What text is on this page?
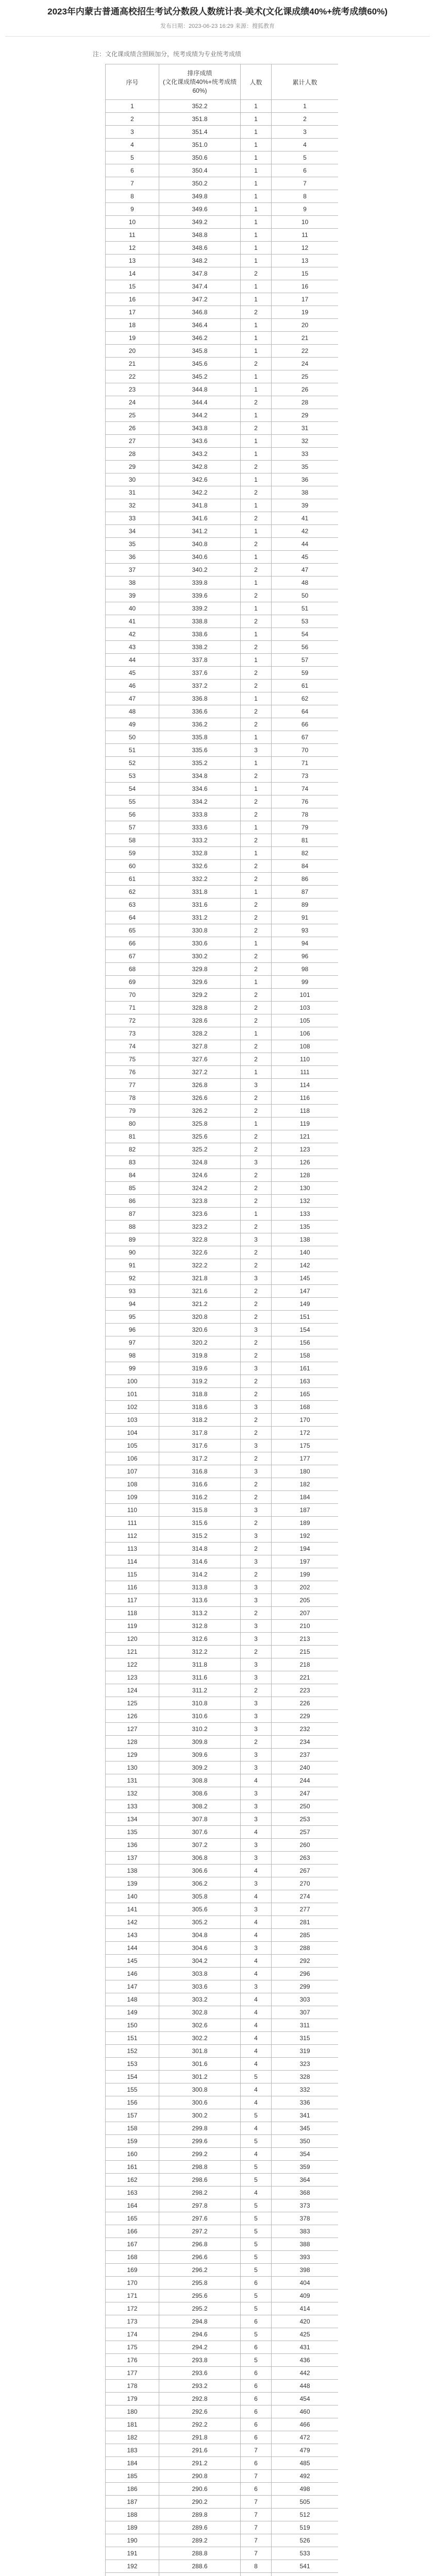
2023年内蒙古普通高校招生考试分数段人数统计表-美术(文化课成绩40%+统考成绩60%)
发布日期：2023-06-23 16:29 来源：搜狐教育
注：文化课成绩含照顾加分，统考成绩为专业统考成绩
序号	排序成绩
(文化课成绩40%+统考成绩60%)	人数	累计人数
1	352.2	1	1
2	351.8	1	2
3	351.4	1	3
4	351.0	1	4
5	350.6	1	5
6	350.4	1	6
7	350.2	1	7
8	349.8	1	8
9	349.6	1	9
10	349.2	1	10
11	348.8	1	11
12	348.6	1	12
13	348.2	1	13
14	347.8	2	15
15	347.4	1	16
16	347.2	1	17
17	346.8	2	19
18	346.4	1	20
19	346.2	1	21
20	345.8	1	22
21	345.6	2	24
22	345.2	1	25
23	344.8	1	26
24	344.4	2	28
25	344.2	1	29
26	343.8	2	31
27	343.6	1	32
28	343.2	1	33
29	342.8	2	35
30	342.6	1	36
31	342.2	2	38
32	341.8	1	39
33	341.6	2	41
34	341.2	1	42
35	340.8	2	44
36	340.6	1	45
37	340.2	2	47
38	339.8	1	48
39	339.6	2	50
40	339.2	1	51
41	338.8	2	53
42	338.6	1	54
43	338.2	2	56
44	337.8	1	57
45	337.6	2	59
46	337.2	2	61
47	336.8	1	62
48	336.6	2	64
49	336.2	2	66
50	335.8	1	67
51	335.6	3	70
52	335.2	1	71
53	334.8	2	73
54	334.6	1	74
55	334.2	2	76
56	333.8	2	78
57	333.6	1	79
58	333.2	2	81
59	332.8	1	82
60	332.6	2	84
61	332.2	2	86
62	331.8	1	87
63	331.6	2	89
64	331.2	2	91
65	330.8	2	93
66	330.6	1	94
67	330.2	2	96
68	329.8	2	98
69	329.6	1	99
70	329.2	2	101
71	328.8	2	103
72	328.6	2	105
73	328.2	1	106
74	327.8	2	108
75	327.6	2	110
76	327.2	1	111
77	326.8	3	114
78	326.6	2	116
79	326.2	2	118
80	325.8	1	119
81	325.6	2	121
82	325.2	2	123
83	324.8	3	126
84	324.6	2	128
85	324.2	2	130
86	323.8	2	132
87	323.6	1	133
88	323.2	2	135
89	322.8	3	138
90	322.6	2	140
91	322.2	2	142
92	321.8	3	145
93	321.6	2	147
94	321.2	2	149
95	320.8	2	151
96	320.6	3	154
97	320.2	2	156
98	319.8	2	158
99	319.6	3	161
100	319.2	2	163
101	318.8	2	165
102	318.6	3	168
103	318.2	2	170
104	317.8	2	172
105	317.6	3	175
106	317.2	2	177
107	316.8	3	180
108	316.6	2	182
109	316.2	2	184
110	315.8	3	187
111	315.6	2	189
112	315.2	3	192
113	314.8	2	194
114	314.6	3	197
115	314.2	2	199
116	313.8	3	202
117	313.6	3	205
118	313.2	2	207
119	312.8	3	210
120	312.6	3	213
121	312.2	2	215
122	311.8	3	218
123	311.6	3	221
124	311.2	2	223
125	310.8	3	226
126	310.6	3	229
127	310.2	3	232
128	309.8	2	234
129	309.6	3	237
130	309.2	3	240
131	308.8	4	244
132	308.6	3	247
133	308.2	3	250
134	307.8	3	253
135	307.6	4	257
136	307.2	3	260
137	306.8	3	263
138	306.6	4	267
139	306.2	3	270
140	305.8	4	274
141	305.6	3	277
142	305.2	4	281
143	304.8	4	285
144	304.6	3	288
145	304.2	4	292
146	303.8	4	296
147	303.6	3	299
148	303.2	4	303
149	302.8	4	307
150	302.6	4	311
151	302.2	4	315
152	301.8	4	319
153	301.6	4	323
154	301.2	5	328
155	300.8	4	332
156	300.6	4	336
157	300.2	5	341
158	299.8	4	345
159	299.6	5	350
160	299.2	4	354
161	298.8	5	359
162	298.6	5	364
163	298.2	4	368
164	297.8	5	373
165	297.6	5	378
166	297.2	5	383
167	296.8	5	388
168	296.6	5	393
169	296.2	5	398
170	295.8	6	404
171	295.6	5	409
172	295.2	5	414
173	294.8	6	420
174	294.6	5	425
175	294.2	6	431
176	293.8	5	436
177	293.6	6	442
178	293.2	6	448
179	292.8	6	454
180	292.6	6	460
181	292.2	6	466
182	291.8	6	472
183	291.6	7	479
184	291.2	6	485
185	290.8	7	492
186	290.6	6	498
187	290.2	7	505
188	289.8	7	512
189	289.6	7	519
190	289.2	7	526
191	288.8	7	533
192	288.6	8	541
